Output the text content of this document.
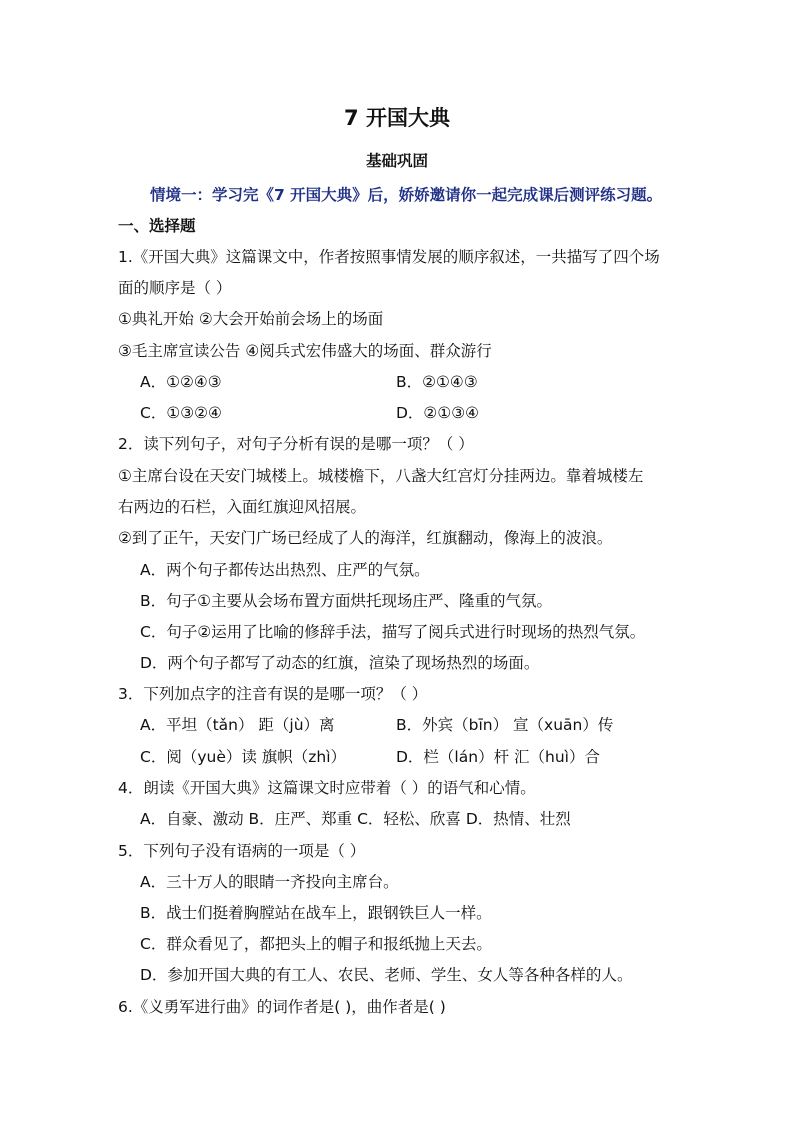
7 开国大典
基础巩固
情境一：学习完《7 开国大典》后，娇娇邀请你一起完成课后测评练习题。
一、选择题
1.《开国大典》这篇课文中，作者按照事情发展的顺序叙述，一共描写了四个场
面的顺序是（ ）
①典礼开始 ②大会开始前会场上的场面
③毛主席宣读公告 ④阅兵式宏伟盛大的场面、群众游行
A．①②④③	B．②①④③
C．①③②④	D．②①③④
2．读下列句子，对句子分析有误的是哪一项？（ ）
①主席台设在天安门城楼上。城楼檐下，八盏大红宫灯分挂两边。靠着城楼左
右两边的石栏，入面红旗迎风招展。
②到了正午，天安门广场已经成了人的海洋，红旗翻动，像海上的波浪。
A．两个句子都传达出热烈、庄严的气氛。
B．句子①主要从会场布置方面烘托现场庄严、隆重的气氛。
C．句子②运用了比喻的修辞手法，描写了阅兵式进行时现场的热烈气氛。
D．两个句子都写了动态的红旗，渲染了现场热烈的场面。
3．下列加点字的注音有误的是哪一项？（ ）
A．平坦（tǎn） 距（jù）离	B．外宾（bīn） 宣（xuān）传
C．阅（yuè）读 旗帜（zhì）	D．栏（lán）杆 汇（huì）合
4．朗读《开国大典》这篇课文时应带着（ ）的语气和心情。
A．自豪、激动 B．庄严、郑重 C．轻松、欣喜 D．热情、壮烈
5．下列句子没有语病的一项是（ ）
A．三十万人的眼睛一齐投向主席台。
B．战士们挺着胸膛站在战车上，跟钢铁巨人一样。
C．群众看见了，都把头上的帽子和报纸抛上天去。
D．参加开国大典的有工人、农民、老师、学生、女人等各种各样的人。
6.《义勇军进行曲》的词作者是( )，曲作者是( )
